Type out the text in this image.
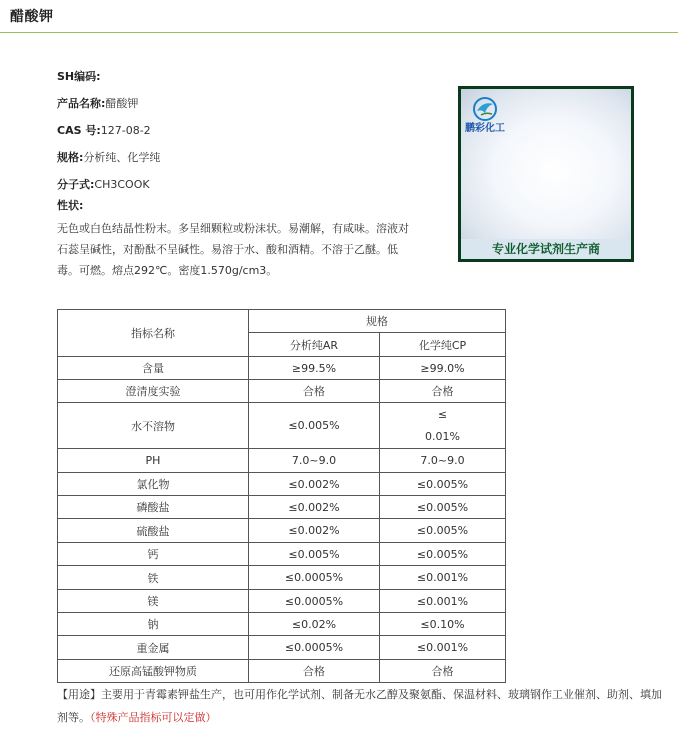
醋酸钾
SH编码:
产品名称:醋酸钾
CAS 号:127-08-2
规格:分析纯、化学纯
分子式:CH3COOK
性状:
无色或白色结晶性粉末。多呈细颗粒或粉沫状。易潮解，有咸味。溶液对石蕊呈碱性，对酚酞不呈碱性。易溶于水、酸和酒精。不溶于乙醚。低毒。可燃。熔点292℃。密度1.570g/cm3。
鹏彩化工
专业化学试剂生产商
指标名称	规格	
	分析纯AR	化学纯CP
含量	≥99.5%	≥99.0%
澄清度实验	合格	合格
水不溶物	≤0.005%	≤
0.01%

PH	7.0~9.0	7.0~9.0
氯化物	≤0.002%	≤0.005%
磷酸盐	≤0.002%	≤0.005%
硫酸盐	≤0.002%	≤0.005%
钙	≤0.005%	≤0.005%
铁	≤0.0005%	≤0.001%
镁	≤0.0005%	≤0.001%
钠	≤0.02%	≤0.10%
重金属	≤0.0005%	≤0.001%
还原高锰酸钾物质	合格	合格
【用途】主要用于青霉素钾盐生产，也可用作化学试剂、制备无水乙醇及聚氨酯、保温材料、玻璃钢作工业催剂、助剂、填加剂等。（特殊产品指标可以定做）
